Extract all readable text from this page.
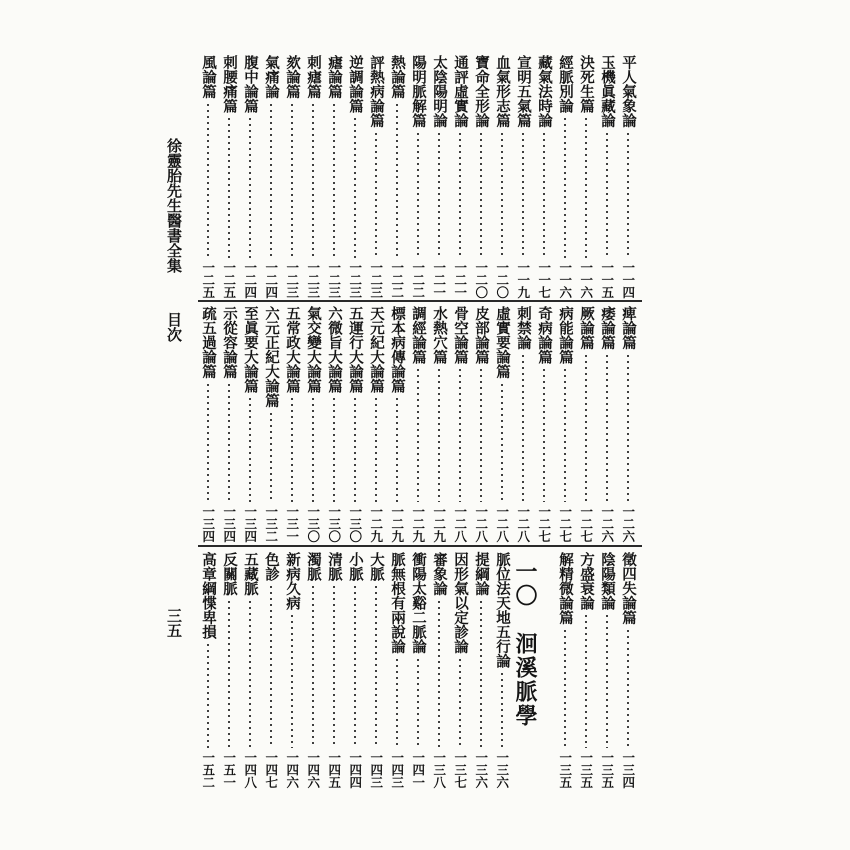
徐靈胎先生醫書全集
目次
三五	一〇　洄溪脈學
平人氣象論
一一四
玉機眞藏論
一一五
決死生篇
一一六
經脈別論
一一六
藏氣法時論
一一七
宣明五氣篇
一一九
血氣形志篇
一二〇
寶命全形論
一二〇
通評虛實論
一二一
太陰陽明論
一二一
陽明脈解篇
一二二
熱論篇
一二二
評熱病論篇
一二三
逆調論篇
一二三
瘧論篇
一二三
刺瘧篇
一二三
欬論篇
一二三
氣痛論
一二四
腹中論篇
一二四
刺腰痛篇
一二五
風論篇
一二五
痺論篇
一二六
痿論篇
一二六
厥論篇
一二七
病能論篇
一二七
奇病論篇
一二七
刺禁論
一二八
虛實要論篇
一二八
皮部論篇
一二八
骨空論篇
一二八
水熱穴篇
一二九
調經論篇
一二九
標本病傳論篇
一二九
天元紀大論篇
一二九
五運行大論篇
一三〇
六微旨大論篇
一三〇
氣交變大論篇
一三〇
五常政大論篇
一三一
六元正紀大論篇
一三二
至眞要大論篇
一三四
示從容論篇
一三四
疏五過論篇
一三四
徵四失論篇
一三四
陰陽類論
一三五
方盛衰論
一三五
解精微論篇
一三五
脈位法天地五行論
一三六
提綱論
一三六
因形氣以定診論
一三七
審象論
一三八
衝陽太谿二脈論
一四一
脈無根有兩說論
一四三
大脈
一四三
小脈
一四四
清脈
一四五
濁脈
一四六
新病久病
一四六
色診
一四七
五藏脈
一四八
反關脈
一五一
高章綱惵卑損
一五二
